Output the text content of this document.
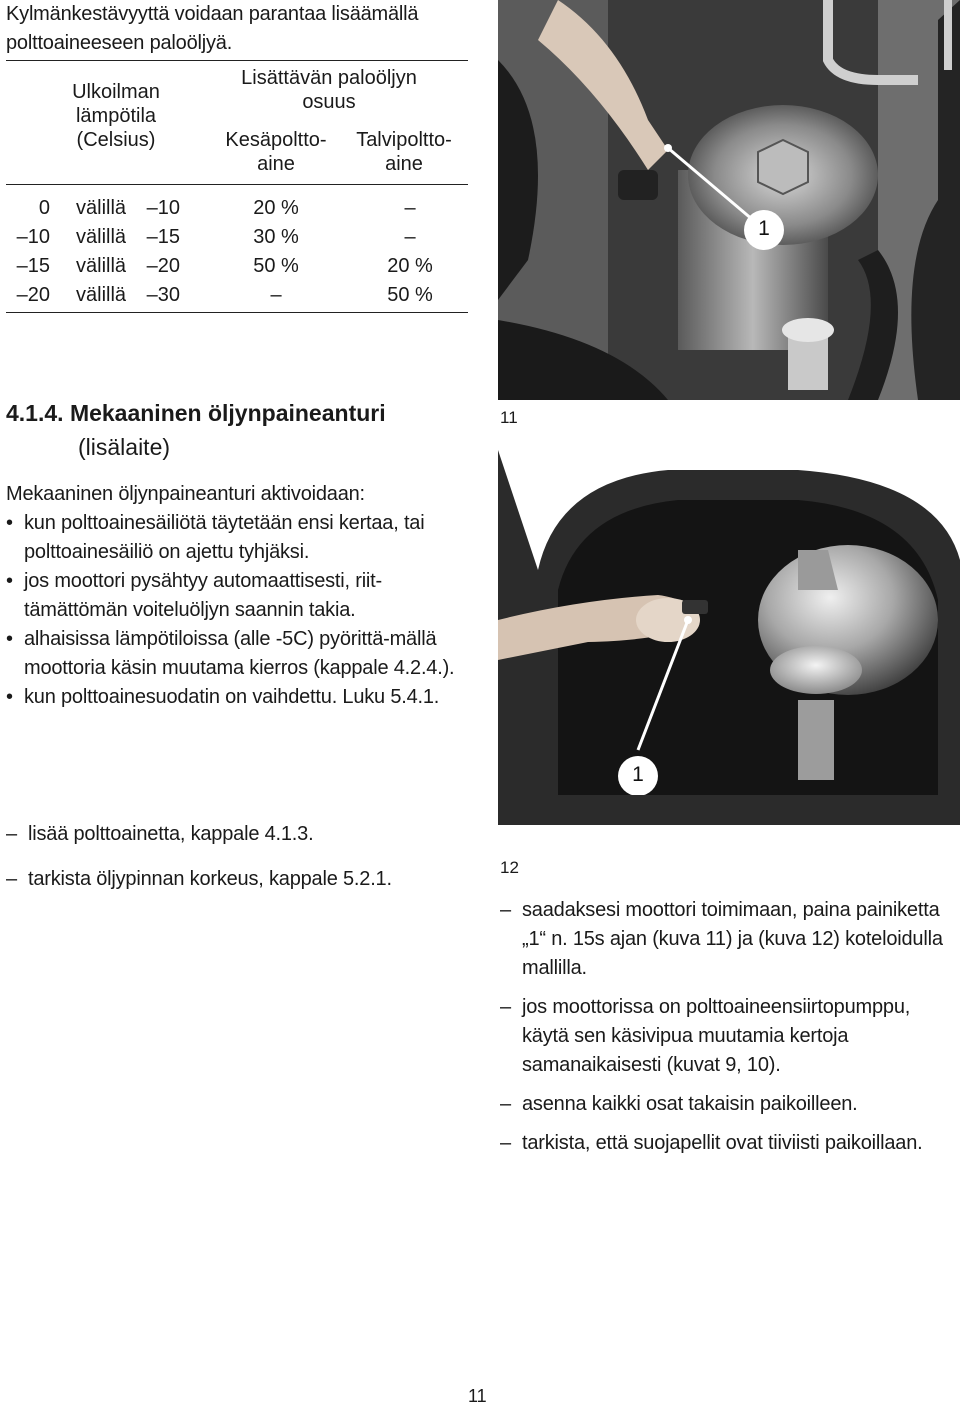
Kylmänkestävyyttä voidaan parantaa lisäämällä polttoaineeseen paloöljyä.
Ulkoilman lämpötila (Celsius)
Lisättävän paloöljyn osuus
Kesäpoltto-aine
Talvipoltto-aine
0 välillä	–10	20 %	–
–10 välillä	–15	30 %	–
–15 välillä	–20	50 %	20 %
–20 välillä	–30	–	50 %
1
4.1.4. Mekaaninen öljynpaineanturi
(lisälaite)
Mekaaninen öljynpaineanturi aktivoidaan:
• kun polttoainesäiliötä täytetään ensi kertaa, tai polttoainesäiliö on ajettu tyhjäksi.
• jos moottori pysähtyy automaattisesti, riit-tämättömän voiteluöljyn saannin takia.
• alhaisissa lämpötiloissa (alle -5C) pyörittä-mällä moottoria käsin muutama kierros (kappale 4.2.4.).
• kun polttoainesuodatin on vaihdettu. Luku 5.4.1.
– lisää polttoainetta, kappale 4.1.3.
– tarkista öljypinnan korkeus, kappale 5.2.1.
11
1
2392 / 12
12
– saadaksesi moottori toimimaan, paina painiketta „1“ n. 15s ajan (kuva 11) ja (kuva 12) koteloidulla mallilla.
– jos moottorissa on polttoaineensiirtopumppu, käytä sen käsivipua muutamia kertoja samanaikaisesti (kuvat 9, 10).
– asenna kaikki osat takaisin paikoilleen.
– tarkista, että suojapellit ovat tiiviisti paikoillaan.
11
